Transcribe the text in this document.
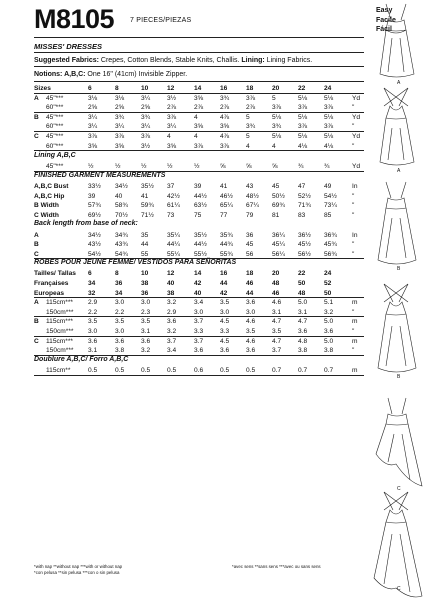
M8105 7 PIECES/PIEZAS
Easy
Facile
Fácil
MISSES' DRESSES
Suggested Fabrics: Crepes, Cotton Blends, Stable Knits, Challis. Lining: Lining Fabrics.
Notions: A,B,C: One 16" (41cm) Invisible Zipper.
Sizes	6	8	10	12	14	16	18	20	22	24
A 45"***	3⅛	3⅛	3¼	3½	3⅝	3¾	3⅞	5	5⅛	5⅛	Yd
60"***	2⅝	2⅝	2⅝	2⅞	2⅞	2⅞	2⅞	3⅞	3⅞	3⅞	"
B 45"***	3¼	3¾	3¾	3⅞	4	4⅞	5	5⅛	5⅛	5⅛	Yd
60"***	3¼	3¼	3¼	3¼	3⅝	3⅝	3¾	3¾	3⅞	3⅞	"
C 45"***	3⅞	3⅞	3⅞	4	4	4⅞	5	5⅛	5⅛	5⅛	Yd
60"***	3⅝	3⅝	3½	3⅝	3⅞	3⅞	4	4	4⅛	4⅛	"
Lining A,B,C
45"***	½	½	½	½	½	⅝	⅝	⅝	¾	¾	Yd
FINISHED GARMENT MEASUREMENTS
A,B,C Bust	33½	34½	35½	37	39	41	43	45	47	49	In
A,B,C Hip	39	40	41	42½	44½	46½	48½	50½	52½	54½	"
B Width	57¾	58¾	59¾	61¼	63½	65¼	67¼	69¾	71¾	73¼	"
C Width	69½	70½	71½	73	75	77	79	81	83	85	"
Back length from base of neck:
A	34½	34¾	35	35¼	35½	35¾	36	36¼	36½	36¾	In
B	43½	43¾	44	44¼	44½	44¾	45	45¼	45½	45¾	"
C	54½	54¾	55	55¼	55½	55¾	56	56¼	56½	56¾	"
ROBES POUR JEUNE FEMME/ VESTIDOS PARA SEÑORITAS
Tailles/ Tallas 6	8	10	12	14	16	18	20	22	24
Françaises	34	36	38	40	42	44	46	48	50	52
Europeas	32	34	36	38	40	42	44	46	48	50
A 115cm*** 2.9	3.0	3.0	3.2	3.4	3.5	3.6	4.6	5.0	5.1	m
150cm*** 2.2	2.2	2.3	2.9	3.0	3.0	3.0	3.1	3.1	3.2	"
B 115cm*** 3.5	3.5	3.5	3.6	3.7	4.5	4.6	4.7	4.7	5.0	m
150cm*** 3.0	3.0	3.1	3.2	3.3	3.3	3.5	3.5	3.6	3.6	"
C 115cm*** 3.6	3.6	3.6	3.7	3.7	4.5	4.6	4.7	4.8	5.0	m
150cm*** 3.1	3.8	3.2	3.4	3.6	3.6	3.6	3.7	3.8	3.8	"
Doublure A,B,C/ Forro A,B,C
115cm**	0.5	0.5	0.5	0.5	0.6	0.5	0.5	0.7	0.7	0.7	m
*with nap **without nap ***with or without nap
*con pelusa **sin pelusa ***con o sin pelusa
*avec sens **sans sens ***avec ou sans sens
A
A
B
B
C
C
